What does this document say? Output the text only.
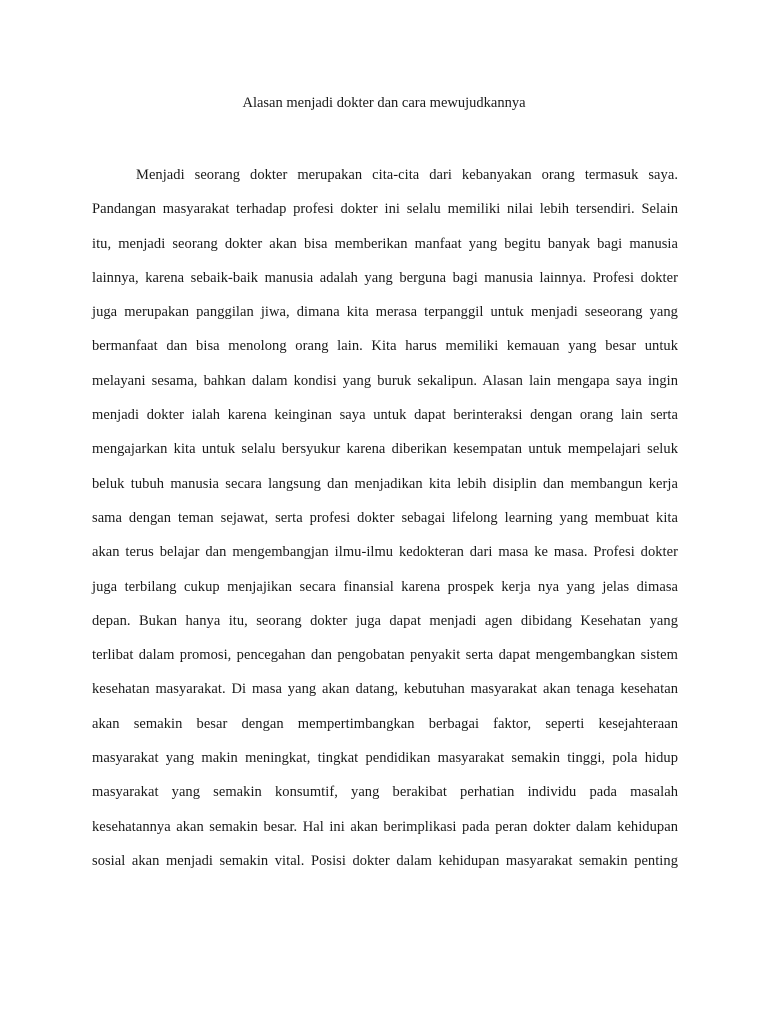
Alasan menjadi dokter dan cara mewujudkannya
Menjadi seorang dokter merupakan cita-cita dari kebanyakan orang termasuk saya.
Pandangan masyarakat terhadap profesi dokter ini selalu memiliki nilai lebih tersendiri. Selain
itu, menjadi seorang dokter akan bisa memberikan manfaat yang begitu banyak bagi manusia
lainnya, karena sebaik-baik manusia adalah yang berguna bagi manusia lainnya. Profesi dokter
juga merupakan panggilan jiwa, dimana kita merasa terpanggil untuk menjadi seseorang yang
bermanfaat dan bisa menolong orang lain. Kita harus memiliki kemauan yang besar untuk
melayani sesama, bahkan dalam kondisi yang buruk sekalipun. Alasan lain mengapa saya ingin
menjadi dokter ialah karena keinginan saya untuk dapat berinteraksi dengan orang lain serta
mengajarkan kita untuk selalu bersyukur karena diberikan kesempatan untuk mempelajari seluk
beluk tubuh manusia secara langsung dan menjadikan kita lebih disiplin dan membangun kerja
sama dengan teman sejawat, serta profesi dokter sebagai lifelong learning yang membuat kita
akan terus belajar dan mengembangjan ilmu-ilmu kedokteran dari masa ke masa. Profesi dokter
juga terbilang cukup menjajikan secara finansial karena prospek kerja nya yang jelas dimasa
depan. Bukan hanya itu, seorang dokter juga dapat menjadi agen dibidang Kesehatan yang
terlibat dalam promosi, pencegahan dan pengobatan penyakit serta dapat mengembangkan sistem
kesehatan masyarakat. Di masa yang akan datang, kebutuhan masyarakat akan tenaga kesehatan
akan semakin besar dengan mempertimbangkan berbagai faktor, seperti kesejahteraan
masyarakat yang makin meningkat, tingkat pendidikan masyarakat semakin tinggi, pola hidup
masyarakat yang semakin konsumtif, yang berakibat perhatian individu pada masalah
kesehatannya akan semakin besar. Hal ini akan berimplikasi pada peran dokter dalam kehidupan
sosial akan menjadi semakin vital. Posisi dokter dalam kehidupan masyarakat semakin penting
